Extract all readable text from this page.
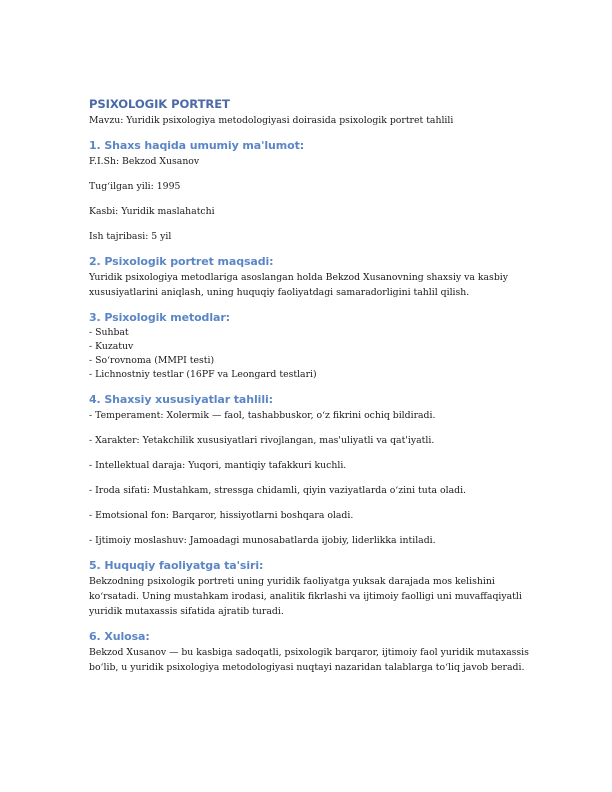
PSIXOLOGIK PORTRET

Mavzu: Yuridik psixologiya metodologiyasi doirasida psixologik portret tahlili

1. Shaxs haqida umumiy ma'lumot:

F.I.Sh: Bekzod Xusanov

Tug‘ilgan yili: 1995

Kasbi: Yuridik maslahatchi

Ish tajribasi: 5 yil

2. Psixologik portret maqsadi:

Yuridik psixologiya metodlariga asoslangan holda Bekzod Xusanovning shaxsiy va kasbiy

xususiyatlarini aniqlash, uning huquqiy faoliyatdagi samaradorligini tahlil qilish.

3. Psixologik metodlar:
- Suhbat
- Kuzatuv
- So‘rovnoma (MMPI testi)
- Lichnostniy testlar (16PF va Leongard testlari)
4. Shaxsiy xususiyatlar tahlili:

- Temperament: Xolermik — faol, tashabbuskor, o‘z fikrini ochiq bildiradi.

- Xarakter: Yetakchilik xususiyatlari rivojlangan, mas'uliyatli va qat'iyatli.

- Intellektual daraja: Yuqori, mantiqiy tafakkuri kuchli.

- Iroda sifati: Mustahkam, stressga chidamli, qiyin vaziyatlarda o‘zini tuta oladi.

- Emotsional fon: Barqaror, hissiyotlarni boshqara oladi.

- Ijtimoiy moslashuv: Jamoadagi munosabatlarda ijobiy, liderlikka intiladi.

5. Huquqiy faoliyatga ta'siri:

Bekzodning psixologik portreti uning yuridik faoliyatga yuksak darajada mos kelishini

ko‘rsatadi. Uning mustahkam irodasi, analitik fikrlashi va ijtimoiy faolligi uni muvaffaqiyatli

yuridik mutaxassis sifatida ajratib turadi.

6. Xulosa:

Bekzod Xusanov — bu kasbiga sadoqatli, psixologik barqaror, ijtimoiy faol yuridik mutaxassis

bo‘lib, u yuridik psixologiya metodologiyasi nuqtayi nazaridan talablarga to‘liq javob beradi.
